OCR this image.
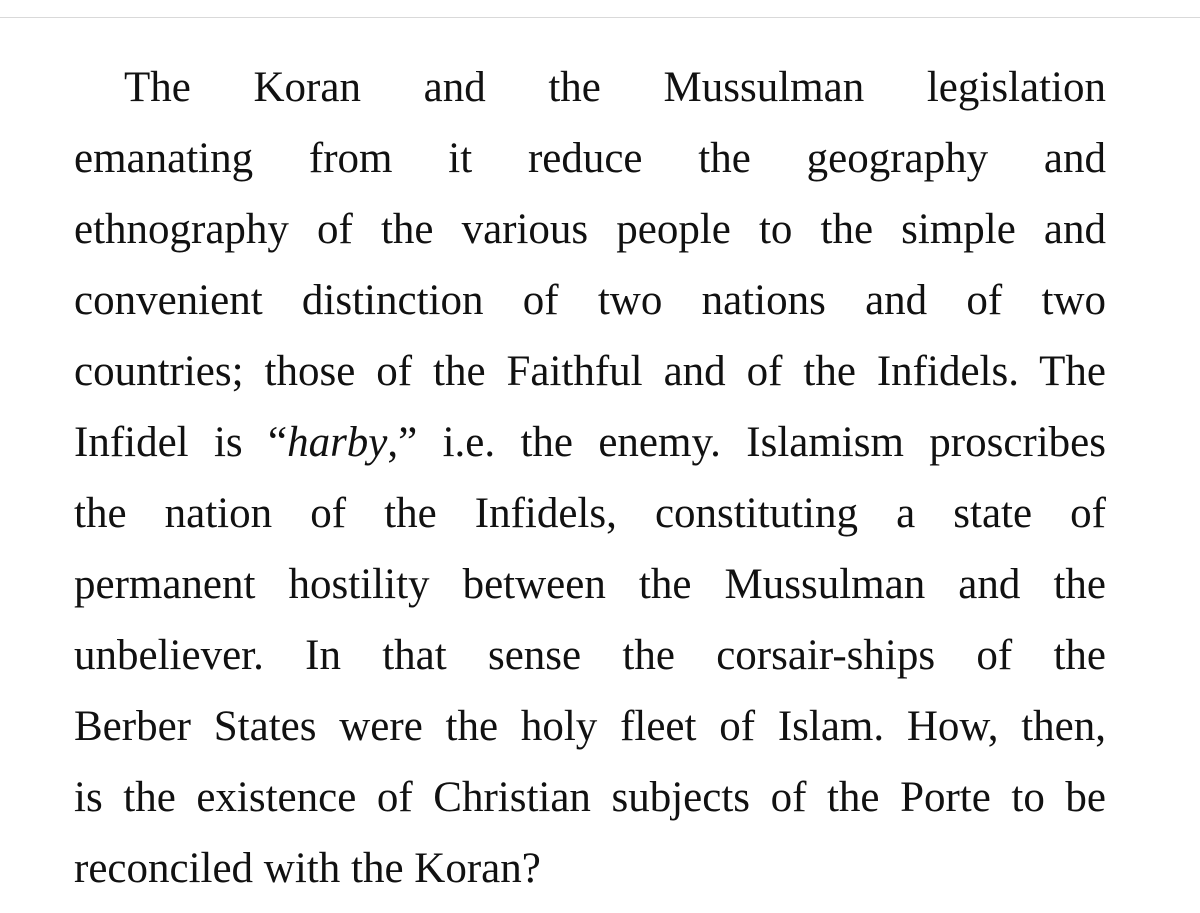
The Koran and the Mussulman legislation
emanating from it reduce the geography and
ethnography of the various people to the simple and
convenient distinction of two nations and of two
countries; those of the Faithful and of the Infidels. The
Infidel is “harby,” i.e. the enemy. Islamism proscribes
the nation of the Infidels, constituting a state of
permanent hostility between the Mussulman and the
unbeliever. In that sense the corsair-ships of the
Berber States were the holy fleet of Islam. How, then,
is the existence of Christian subjects of the Porte to be
reconciled with the Koran?
